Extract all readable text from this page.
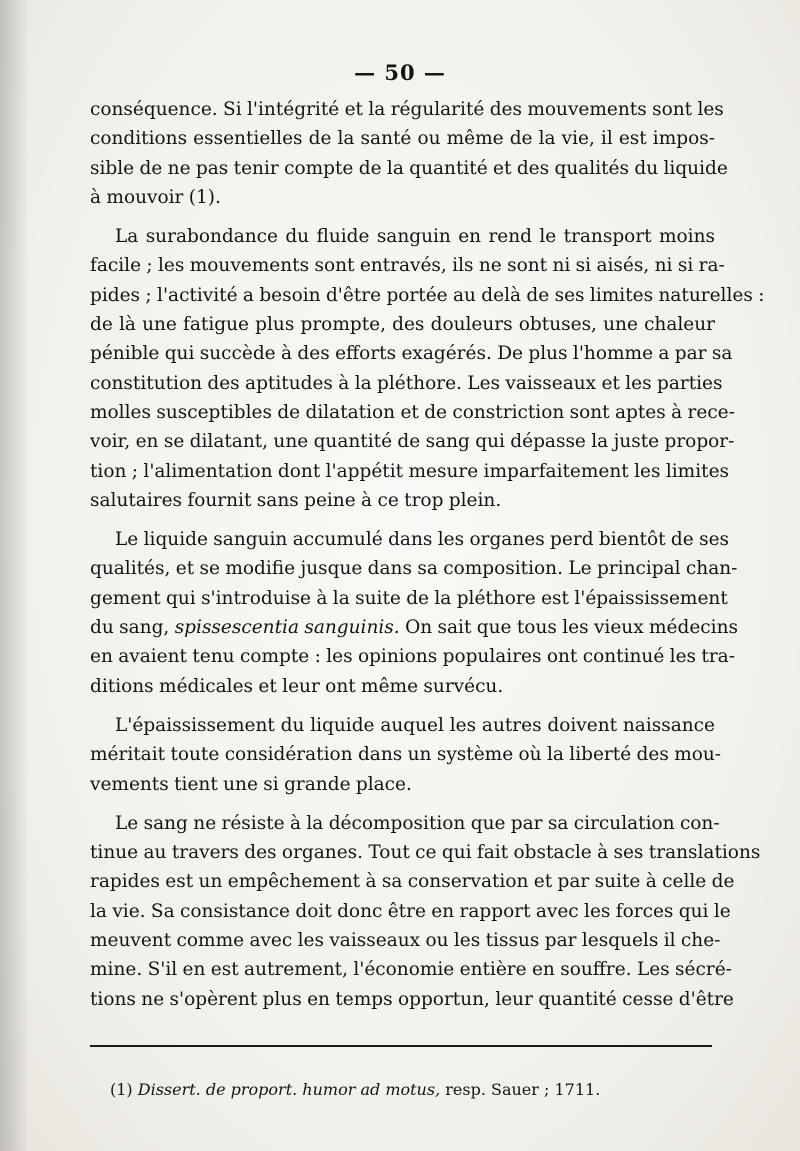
— 50 —
conséquence. Si l'intégrité et la régularité des mouvements sont les
conditions essentielles de la santé ou même de la vie, il est impos-
sible de ne pas tenir compte de la quantité et des qualités du liquide
à mouvoir (1).
La surabondance du fluide sanguin en rend le transport moins
facile ; les mouvements sont entravés, ils ne sont ni si aisés, ni si ra-
pides ; l'activité a besoin d'être portée au delà de ses limites naturelles :
de là une fatigue plus prompte, des douleurs obtuses, une chaleur
pénible qui succède à des efforts exagérés. De plus l'homme a par sa
constitution des aptitudes à la pléthore. Les vaisseaux et les parties
molles susceptibles de dilatation et de constriction sont aptes à rece-
voir, en se dilatant, une quantité de sang qui dépasse la juste propor-
tion ; l'alimentation dont l'appétit mesure imparfaitement les limites
salutaires fournit sans peine à ce trop plein.
Le liquide sanguin accumulé dans les organes perd bientôt de ses
qualités, et se modifie jusque dans sa composition. Le principal chan-
gement qui s'introduise à la suite de la pléthore est l'épaississement
du sang, spissescentia sanguinis. On sait que tous les vieux médecins
en avaient tenu compte : les opinions populaires ont continué les tra-
ditions médicales et leur ont même survécu.
L'épaississement du liquide auquel les autres doivent naissance
méritait toute considération dans un système où la liberté des mou-
vements tient une si grande place.
Le sang ne résiste à la décomposition que par sa circulation con-
tinue au travers des organes. Tout ce qui fait obstacle à ses translations
rapides est un empêchement à sa conservation et par suite à celle de
la vie. Sa consistance doit donc être en rapport avec les forces qui le
meuvent comme avec les vaisseaux ou les tissus par lesquels il che-
mine. S'il en est autrement, l'économie entière en souffre. Les sécré-
tions ne s'opèrent plus en temps opportun, leur quantité cesse d'être
(1) Dissert. de proport. humor ad motus, resp. Sauer ; 1711.
